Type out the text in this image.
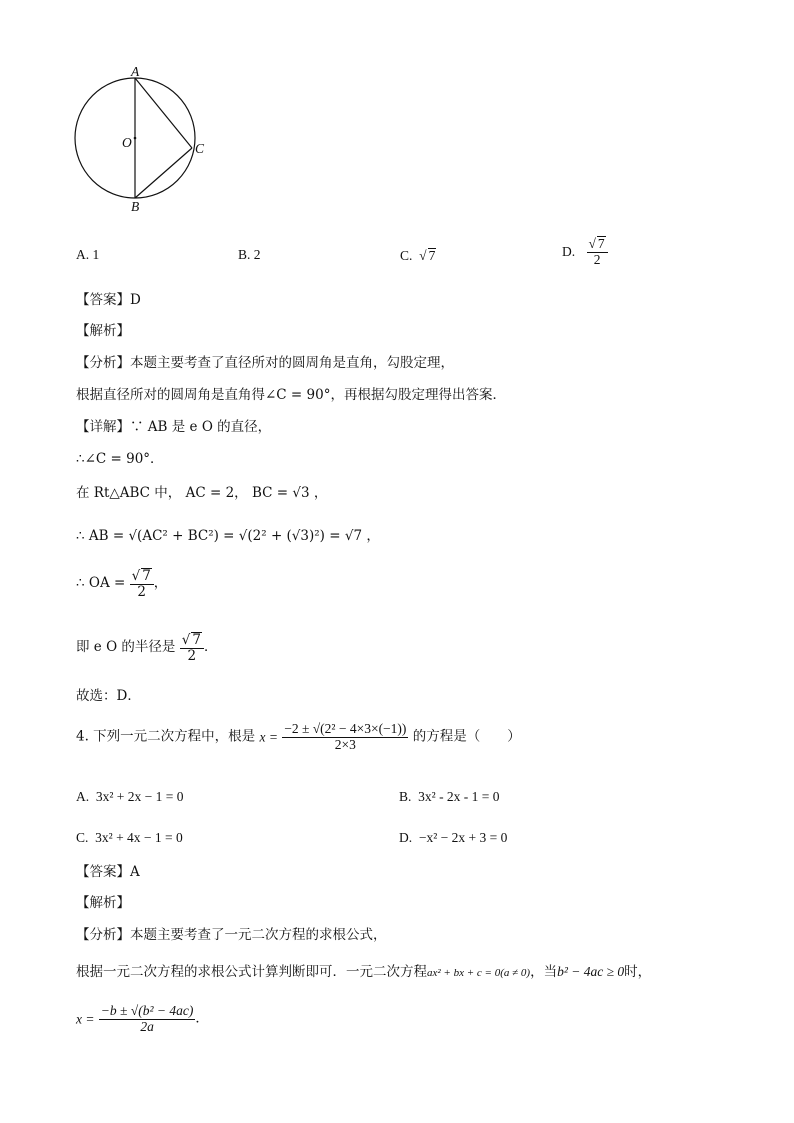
A
B
C
O
A. 1	B. 2	C.  √ 7	D. $\frac{√ 7}{2}$
【答案】D
【解析】
【分析】本题主要考查了直径所对的圆周角是直角，勾股定理，
根据直径所对的圆周角是直角得∠C = 90°，再根据勾股定理得出答案．
【详解】∵ AB 是 e O 的直径，
∴∠C = 90°．
在 Rt△ABC 中， AC = 2， BC = √3 ，
∴ AB = √(AC² + BC²) = √(2² + (√3)²) = √7 ，
∴ OA = $\frac{√ 7}{2}$ ，
即 e O 的半径是 $\frac{√ 7}{2}$ ．
故选：D．
4. 下列一元二次方程中，根是 $x = \frac{\text{−2 ± √(2² − 4×3×(−1))}}{2\times 3}$ 的方程是（　　）
A. 3x² + 2x − 1 = 0	B. 3x² - 2x - 1 = 0
C. 3x² + 4x − 1 = 0	D. −x² − 2x + 3 = 0
【答案】A
【解析】
【分析】本题主要考查了一元二次方程的求根公式，
根据一元二次方程的求根公式计算判断即可．一元二次方程ax² + bx + c = 0(a ≠ 0)，当b² − 4ac ≥ 0时，
$x = \frac{\text{−b ± √(b² − 4ac)}}{2a}$ ．
